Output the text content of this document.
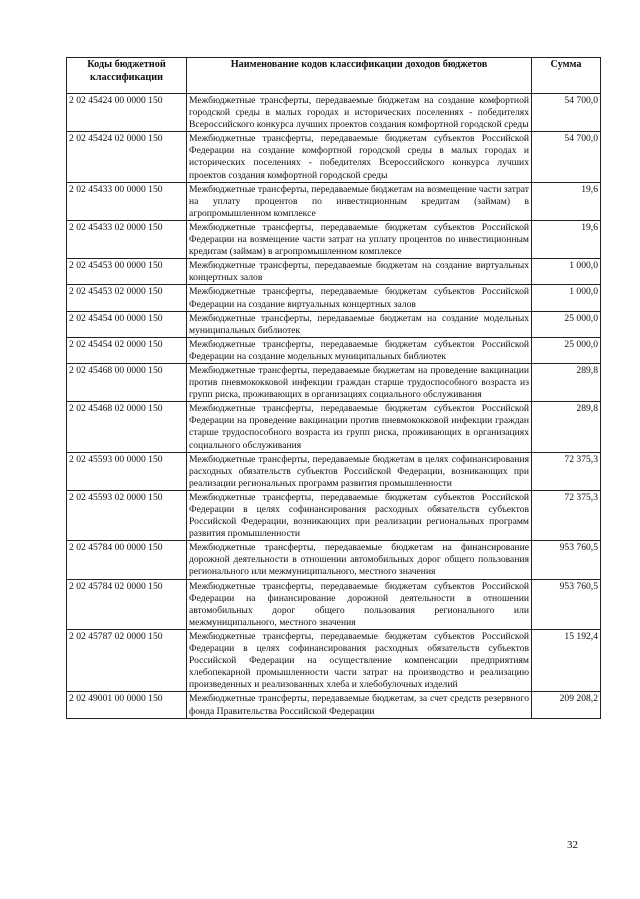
Коды бюджетной классификации	Наименование кодов классификации доходов бюджетов	Сумма
2 02 45424 00 0000 150	Межбюджетные трансферты, передаваемые бюджетам на создание комфортной городской среды в малых городах и исторических поселениях - победителях Всероссийского конкурса лучших проектов создания комфортной городской среды	54 700,0
2 02 45424 02 0000 150	Межбюджетные трансферты, передаваемые бюджетам субъектов Российской Федерации на создание комфортной городской среды в малых городах и исторических поселениях - победителях Всероссийского конкурса лучших проектов создания комфортной городской среды	54 700,0
2 02 45433 00 0000 150	Межбюджетные трансферты, передаваемые бюджетам на возмещение части затрат на уплату процентов по инвестиционным кредитам (займам) в агропромышленном комплексе	19,6
2 02 45433 02 0000 150	Межбюджетные трансферты, передаваемые бюджетам субъектов Российской Федерации на возмещение части затрат на уплату процентов по инвестиционным кредитам (займам) в агропромышленном комплексе	19,6
2 02 45453 00 0000 150	Межбюджетные трансферты, передаваемые бюджетам на создание виртуальных концертных залов	1 000,0
2 02 45453 02 0000 150	Межбюджетные трансферты, передаваемые бюджетам субъектов Российской Федерации на создание виртуальных концертных залов	1 000,0
2 02 45454 00 0000 150	Межбюджетные трансферты, передаваемые бюджетам на создание модельных муниципальных библиотек	25 000,0
2 02 45454 02 0000 150	Межбюджетные трансферты, передаваемые бюджетам субъектов Российской Федерации на создание модельных муниципальных библиотек	25 000,0
2 02 45468 00 0000 150	Межбюджетные трансферты, передаваемые бюджетам на проведение вакцинации против пневмококковой инфекции граждан старше трудоспособного возраста из групп риска, проживающих в организациях социального обслуживания	289,8
2 02 45468 02 0000 150	Межбюджетные трансферты, передаваемые бюджетам субъектов Российской Федерации на проведение вакцинации против пневмококковой инфекции граждан старше трудоспособного возраста из групп риска, проживающих в организациях социального обслуживания	289,8
2 02 45593 00 0000 150	Межбюджетные трансферты, передаваемые бюджетам в целях софинансирования расходных обязательств субъектов Российской Федерации, возникающих при реализации региональных программ развития промышленности	72 375,3
2 02 45593 02 0000 150	Межбюджетные трансферты, передаваемые бюджетам субъектов Российской Федерации в целях софинансирования расходных обязательств субъектов Российской Федерации, возникающих при реализации региональных программ развития промышленности	72 375,3
2 02 45784 00 0000 150	Межбюджетные трансферты, передаваемые бюджетам на финансирование дорожной деятельности в отношении автомобильных дорог общего пользования регионального или межмуниципального, местного значения	953 760,5
2 02 45784 02 0000 150	Межбюджетные трансферты, передаваемые бюджетам субъектов Российской Федерации на финансирование дорожной деятельности в отношении автомобильных дорог общего пользования регионального или межмуниципального, местного значения	953 760,5
2 02 45787 02 0000 150	Межбюджетные трансферты, передаваемые бюджетам субъектов Российской Федерации в целях софинансирования расходных обязательств субъектов Российской Федерации на осуществление компенсации предприятиям хлебопекарной промышленности части затрат на производство и реализацию произведенных и реализованных хлеба и хлебобулочных изделий	15 192,4
2 02 49001 00 0000 150	Межбюджетные трансферты, передаваемые бюджетам, за счет средств резервного фонда Правительства Российской Федерации	209 208,2
32
